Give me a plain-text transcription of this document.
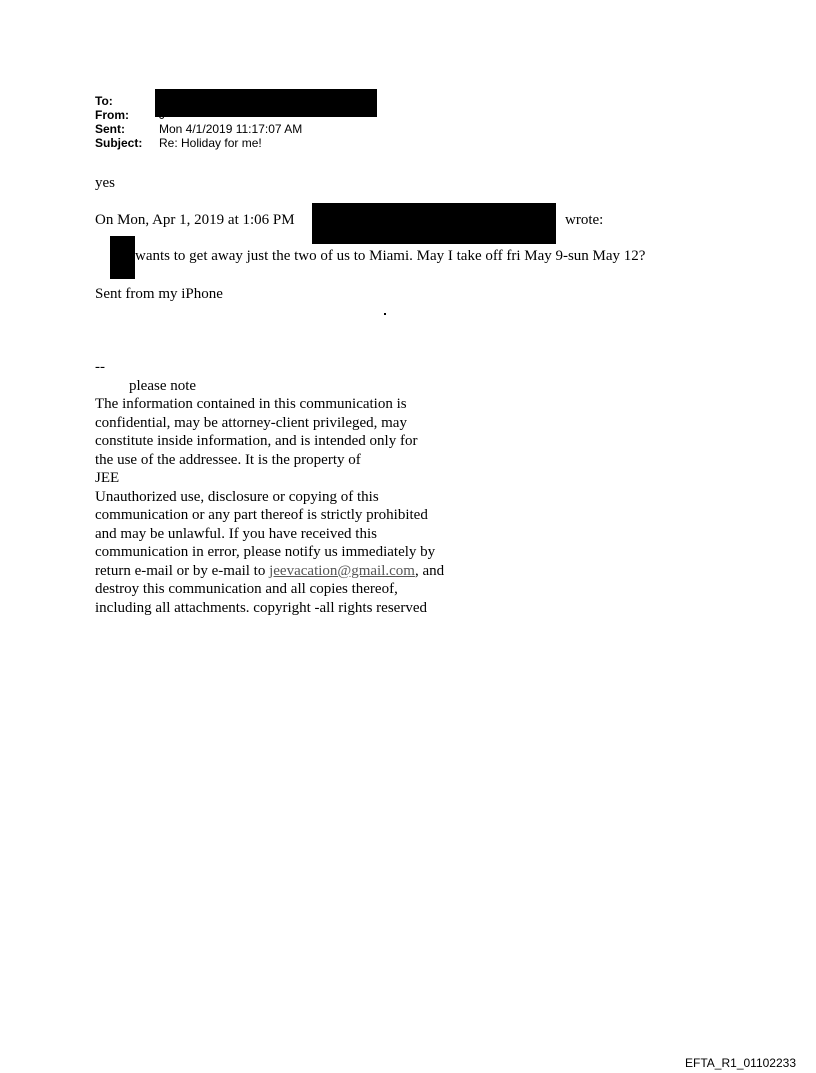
To:
From:
Sent:	Mon 4/1/2019 11:17:07 AM
Subject: Re: Holiday for me!
yes
On Mon, Apr 1, 2019 at 1:06 PM	wrote:
wants to get away just the two of us to Miami. May I take off fri May 9-sun May 12?
Sent from my iPhone
--
please note
The information contained in this communication is
confidential, may be attorney-client privileged, may
constitute inside information, and is intended only for
the use of the addressee. It is the property of
JEE
Unauthorized use, disclosure or copying of this
communication or any part thereof is strictly prohibited
and may be unlawful. If you have received this
communication in error, please notify us immediately by
return e-mail or by e-mail to jeevacation@gmail.com, and
destroy this communication and all copies thereof,
including all attachments. copyright -all rights reserved
EFTA_R1_01102233
